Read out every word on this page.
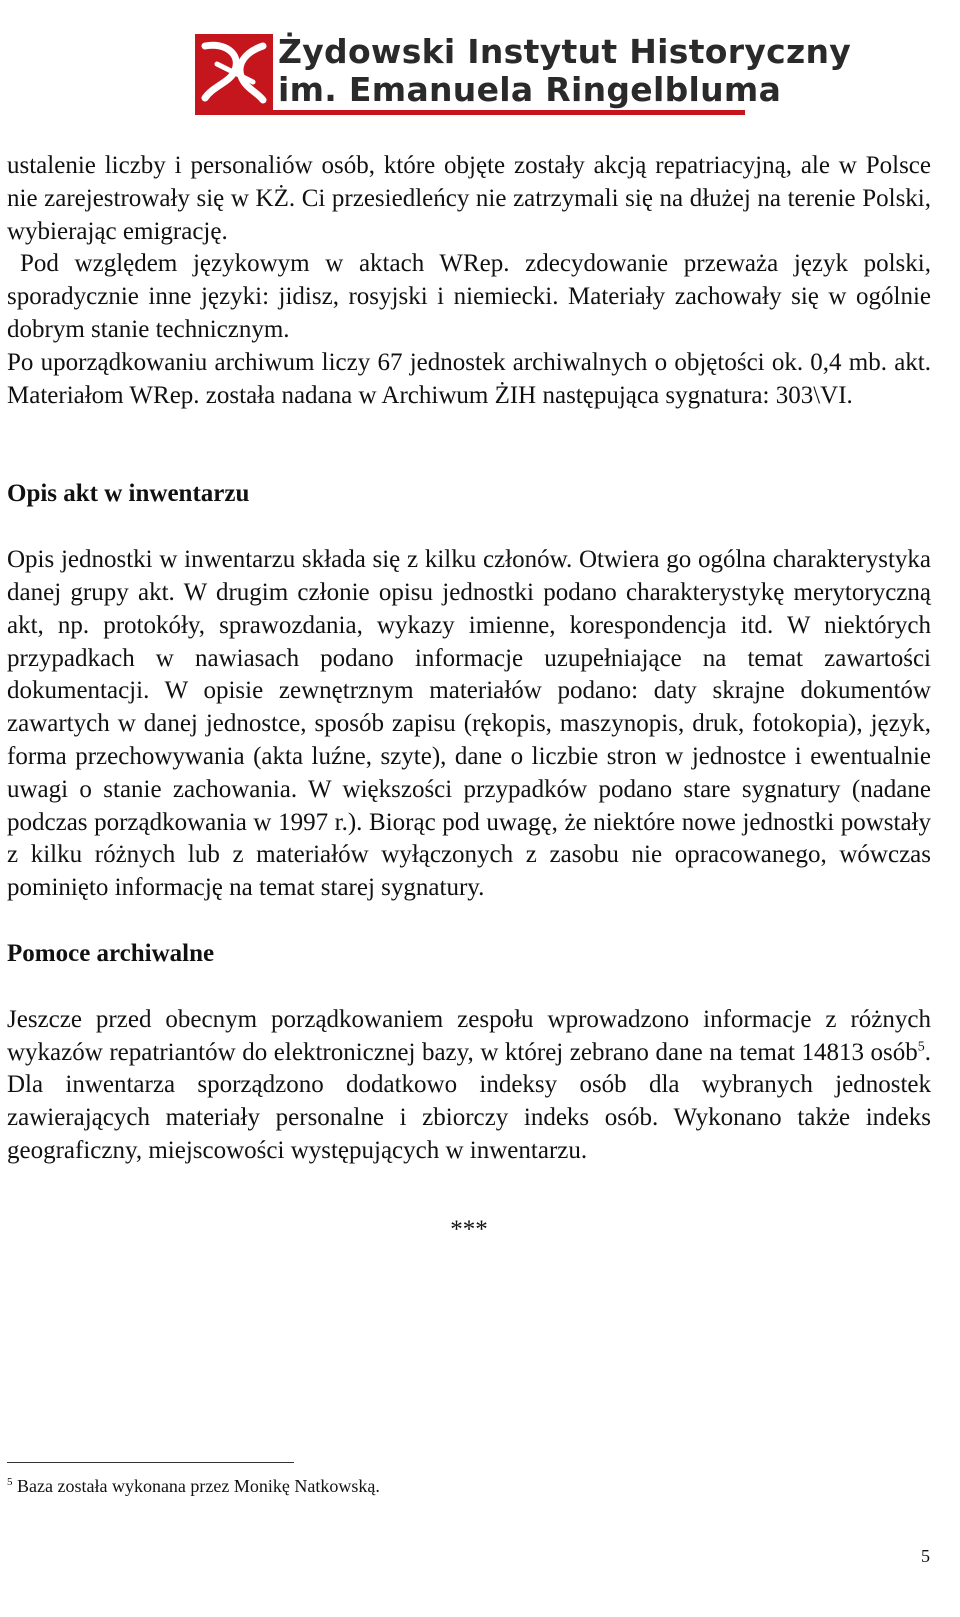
Żydowski Instytut Historyczny
im. Emanuela Ringelbluma

ustalenie liczby i personaliów osób, które objęte zostały akcją repatriacyjną, ale w Polsce nie zarejestrowały się w KŻ. Ci przesiedleńcy nie zatrzymali się na dłużej na terenie Polski, wybierając emigrację.

Pod względem językowym w aktach WRep. zdecydowanie przeważa język polski, sporadycznie inne języki: jidisz, rosyjski i niemiecki. Materiały zachowały się w ogólnie dobrym stanie technicznym.

Po uporządkowaniu archiwum liczy 67 jednostek archiwalnych o objętości ok. 0,4 mb. akt. Materiałom WRep. została nadana w Archiwum ŻIH następująca sygnatura: 303\VI.

Opis akt w inwentarzu

Opis jednostki w inwentarzu składa się z kilku członów. Otwiera go ogólna charakterystyka danej grupy akt. W drugim członie opisu jednostki podano charakterystykę merytoryczną akt, np. protokóły, sprawozdania, wykazy imienne, korespondencja itd. W niektórych przypadkach w nawiasach podano informacje uzupełniające na temat zawartości dokumentacji. W opisie zewnętrznym materiałów podano: daty skrajne dokumentów zawartych w danej jednostce, sposób zapisu (rękopis, maszynopis, druk, fotokopia), język, forma przechowywania (akta luźne, szyte), dane o liczbie stron w jednostce i ewentualnie uwagi o stanie zachowania. W większości przypadków podano stare sygnatury (nadane podczas porządkowania w 1997 r.). Biorąc pod uwagę, że niektóre nowe jednostki powstały z kilku różnych lub z materiałów wyłączonych z zasobu nie opracowanego, wówczas pominięto informację na temat starej sygnatury.

Pomoce archiwalne

Jeszcze przed obecnym porządkowaniem zespołu wprowadzono informacje z różnych wykazów repatriantów do elektronicznej bazy, w której zebrano dane na temat 14813 osób$^5$. Dla inwentarza sporządzono dodatkowo indeksy osób dla wybranych jednostek zawierających materiały personalne i zbiorczy indeks osób. Wykonano także indeks geograficzny, miejscowości występujących w inwentarzu.

***
$^5$ Baza została wykonana przez Monikę Natkowską.
5
